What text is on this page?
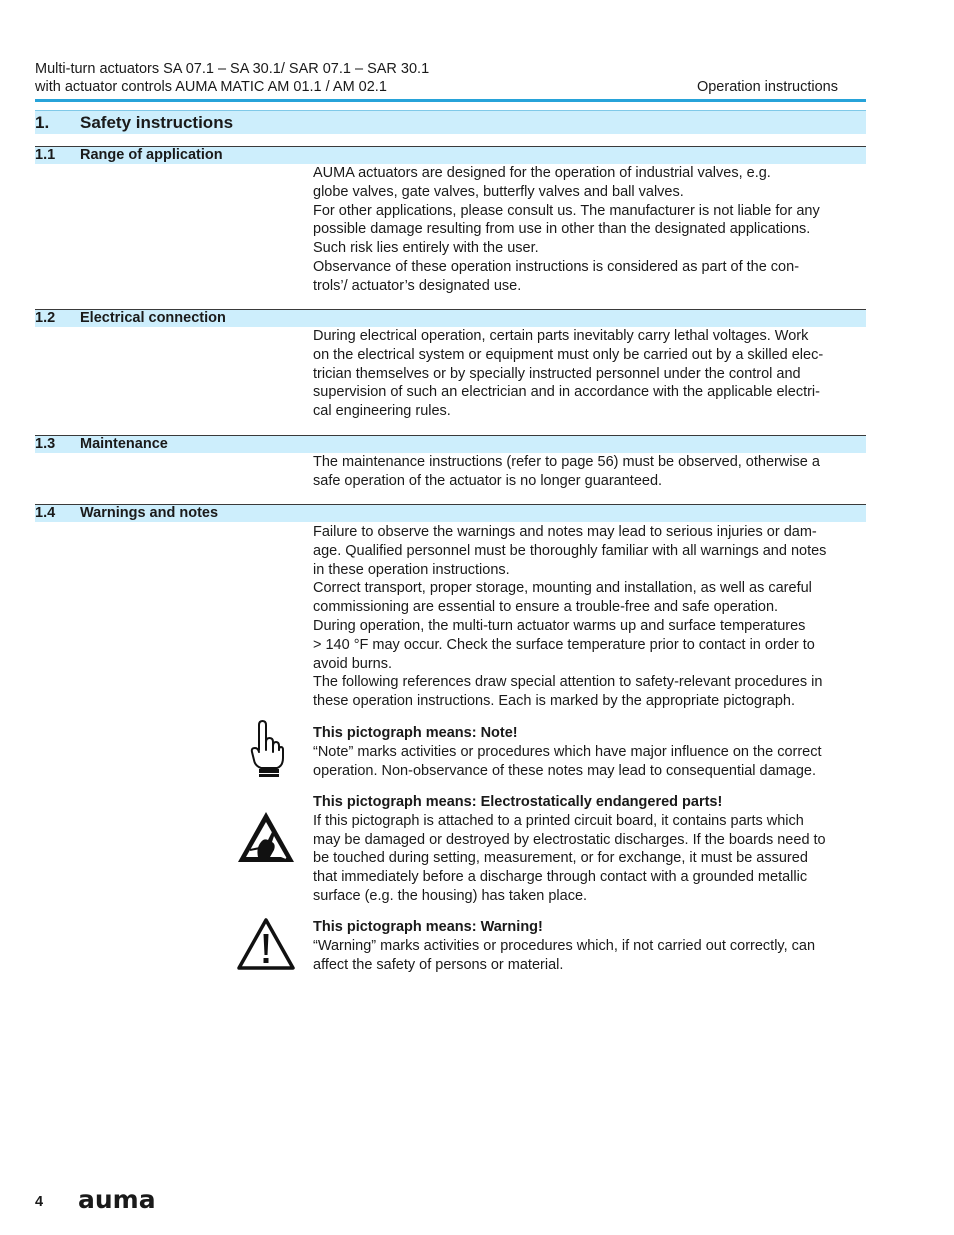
Multi-turn actuators SA 07.1 – SA 30.1/ SAR 07.1 – SAR 30.1
with actuator controls AUMA MATIC AM 01.1 / AM 02.1	Operation instructions
1. Safety instructions
1.1 Range of application

AUMA actuators are designed for the operation of industrial valves, e.g.

globe valves, gate valves, butterfly valves and ball valves.

For other applications, please consult us. The manufacturer is not liable for any

possible damage resulting from use in other than the designated applications.

Such risk lies entirely with the user.

Observance of these operation instructions is considered as part of the con-

trols’/ actuator’s designated use.

1.2 Electrical connection

During electrical operation, certain parts inevitably carry lethal voltages. Work

on the electrical system or equipment must only be carried out by a skilled elec-

trician themselves or by specially instructed personnel under the control and

supervision of such an electrician and in accordance with the applicable electri-

cal engineering rules.

1.3 Maintenance

The maintenance instructions (refer to page 56) must be observed, otherwise a

safe operation of the actuator is no longer guaranteed.

1.4 Warnings and notes

Failure to observe the warnings and notes may lead to serious injuries or dam-

age. Qualified personnel must be thoroughly familiar with all warnings and notes

in these operation instructions.

Correct transport, proper storage, mounting and installation, as well as careful

commissioning are essential to ensure a trouble-free and safe operation.

During operation, the multi-turn actuator warms up and surface temperatures

> 140 °F may occur. Check the surface temperature prior to contact in order to

avoid burns.

The following references draw special attention to safety-relevant procedures in

these operation instructions. Each is marked by the appropriate pictograph.

This pictograph means: Note!

“Note” marks activities or procedures which have major influence on the correct

operation. Non-observance of these notes may lead to consequential damage.

This pictograph means: Electrostatically endangered parts!

If this pictograph is attached to a printed circuit board, it contains parts which

may be damaged or destroyed by electrostatic discharges. If the boards need to

be touched during setting, measurement, or for exchange, it must be assured

that immediately before a discharge through contact with a grounded metallic

surface (e.g. the housing) has taken place.

This pictograph means: Warning!

“Warning” marks activities or procedures which, if not carried out correctly, can

affect the safety of persons or material.

4 auma
